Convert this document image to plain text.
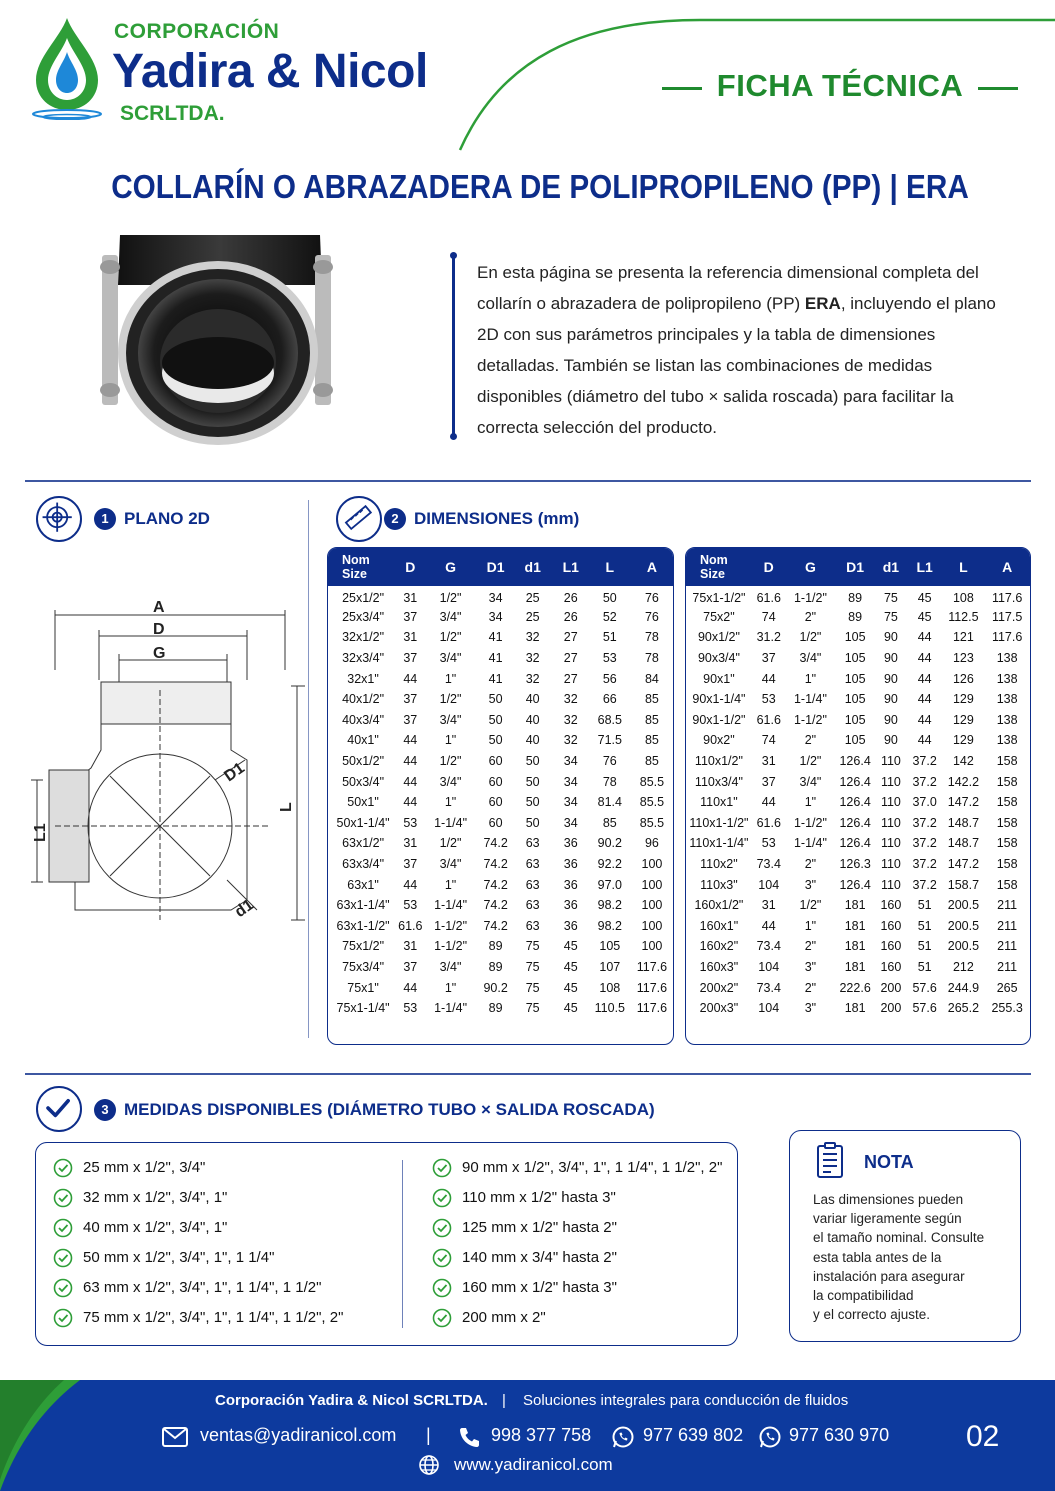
CORPORACIÓN
Yadira & Nicol
SCRLTDA.
FICHA TÉCNICA
COLLARÍN O ABRAZADERA DE POLIPROPILENO (PP) | ERA

En esta página se presenta la referencia dimensional completa del collarín o abrazadera de polipropileno (PP) ERA, incluyendo el plano 2D con sus parámetros principales y la tabla de dimensiones detalladas. También se listan las combinaciones de medidas disponibles (diámetro del tubo × salida roscada) para facilitar la correcta selección del producto.

1 PLANO 2D
A
D
G
D1
d1
L
L1
2 DIMENSIONES (mm)
Nom
Size	D	G	D1	d1	L1	L	A
25x1/2"	31	1/2"	34	25	26	50	76
25x3/4"	37	3/4"	34	25	26	52	76
32x1/2"	31	1/2"	41	32	27	51	78
32x3/4"	37	3/4"	41	32	27	53	78
32x1"	44	1"	41	32	27	56	84
40x1/2"	37	1/2"	50	40	32	66	85
40x3/4"	37	3/4"	50	40	32	68.5	85
40x1"	44	1"	50	40	32	71.5	85
50x1/2"	44	1/2"	60	50	34	76	85
50x3/4"	44	3/4"	60	50	34	78	85.5
50x1"	44	1"	60	50	34	81.4	85.5
50x1-1/4"	53	1-1/4"	60	50	34	85	85.5
63x1/2"	31	1/2"	74.2	63	36	90.2	96
63x3/4"	37	3/4"	74.2	63	36	92.2	100
63x1"	44	1"	74.2	63	36	97.0	100
63x1-1/4"	53	1-1/4"	74.2	63	36	98.2	100
63x1-1/2"	61.6	1-1/2"	74.2	63	36	98.2	100
75x1/2"	31	1-1/2"	89	75	45	105	100
75x3/4"	37	3/4"	89	75	45	107	117.6
75x1"	44	1"	90.2	75	45	108	117.6
75x1-1/4"	53	1-1/4"	89	75	45	110.5	117.6
Nom
Size	D	G	D1	d1	L1	L	A
75x1-1/2"	61.6	1-1/2"	89	75	45	108	117.6
75x2"	74	2"	89	75	45	112.5	117.5
90x1/2"	31.2	1/2"	105	90	44	121	117.6
90x3/4"	37	3/4"	105	90	44	123	138
90x1"	44	1"	105	90	44	126	138
90x1-1/4"	53	1-1/4"	105	90	44	129	138
90x1-1/2"	61.6	1-1/2"	105	90	44	129	138
90x2"	74	2"	105	90	44	129	138
110x1/2"	31	1/2"	126.4	110	37.2	142	158
110x3/4"	37	3/4"	126.4	110	37.2	142.2	158
110x1"	44	1"	126.4	110	37.0	147.2	158
110x1-1/2"	61.6	1-1/2"	126.4	110	37.2	148.7	158
110x1-1/4"	53	1-1/4"	126.4	110	37.2	148.7	158
110x2"	73.4	2"	126.3	110	37.2	147.2	158
110x3"	104	3"	126.4	110	37.2	158.7	158
160x1/2"	31	1/2"	181	160	51	200.5	211
160x1"	44	1"	181	160	51	200.5	211
160x2"	73.4	2"	181	160	51	200.5	211
160x3"	104	3"	181	160	51	212	211
200x2"	73.4	2"	222.6	200	57.6	244.9	265
200x3"	104	3"	181	200	57.6	265.2	255.3
3 MEDIDAS DISPONIBLES (DIÁMETRO TUBO × SALIDA ROSCADA)
25 mm x 1/2", 3/4"
32 mm x 1/2", 3/4", 1"
40 mm x 1/2", 3/4", 1"
50 mm x 1/2", 3/4", 1", 1 1/4"
63 mm x 1/2", 3/4", 1", 1 1/4", 1 1/2"
75 mm x 1/2", 3/4", 1", 1 1/4", 1 1/2", 2"
90 mm x 1/2", 3/4", 1", 1 1/4", 1 1/2", 2"
110 mm x 1/2" hasta 3"
125 mm x 1/2" hasta 2"
140 mm x 3/4" hasta 2"
160 mm x 1/2" hasta 3"
200 mm x 2"
NOTA
Las dimensiones pueden
variar ligeramente según
el tamaño nominal. Consulte
esta tabla antes de la
instalación para asegurar
la compatibilidad
y el correcto ajuste.
Corporación Yadira & Nicol SCRLTDA. | Soluciones integrales para conducción de fluidos
ventas@yadiranicol.com |	998 377 758	977 639 802	977 630 970	02
www.yadiranicol.com
